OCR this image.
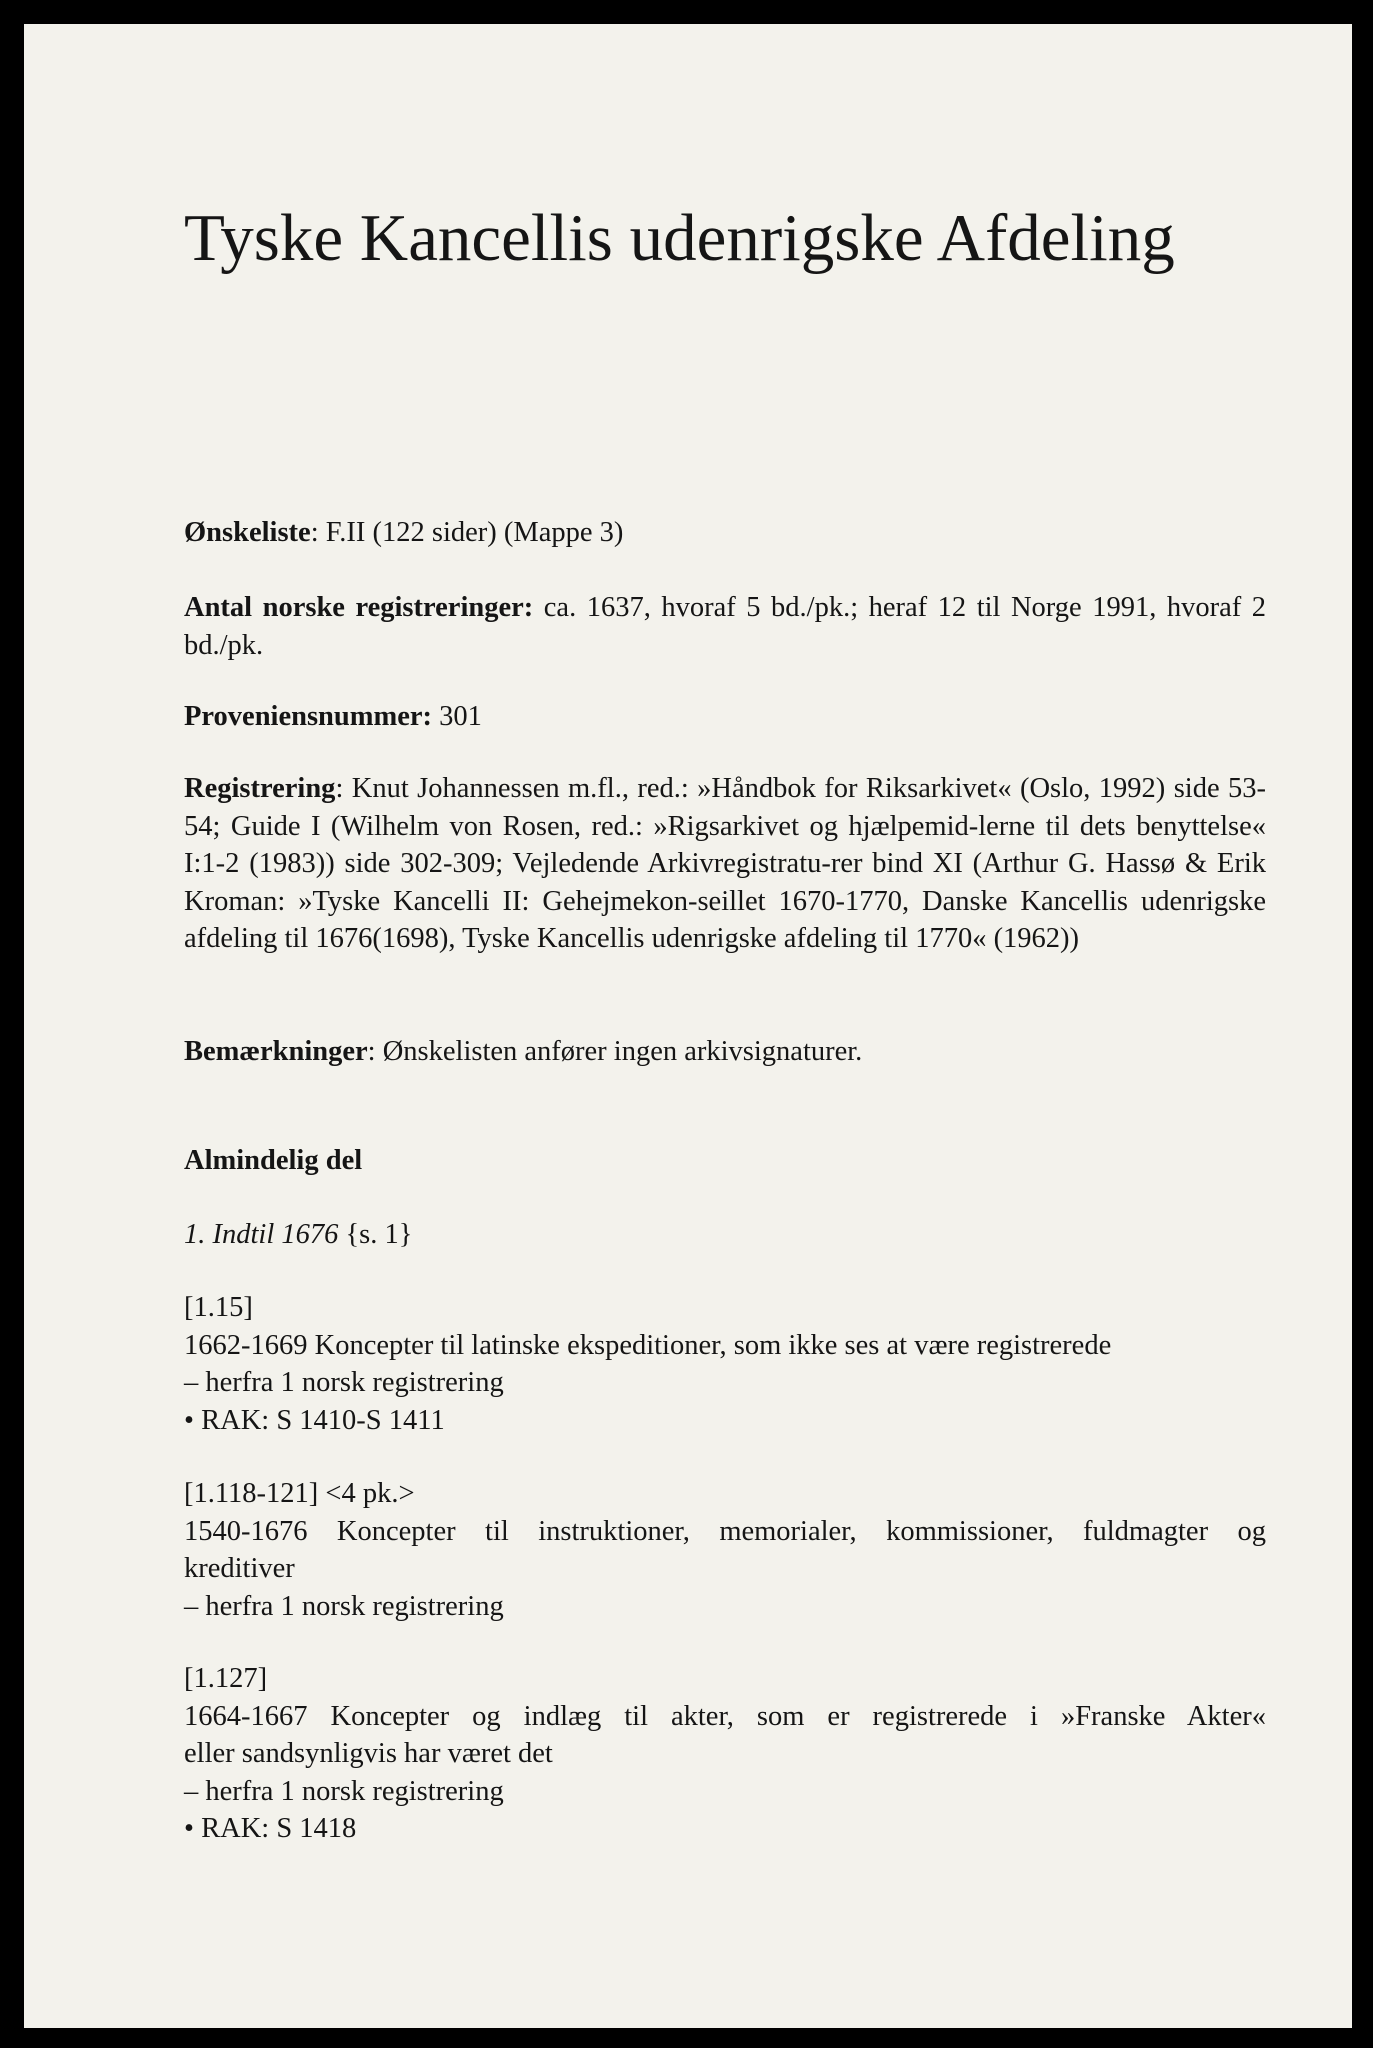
Tyske Kancellis udenrigske Afdeling

Ønskeliste: F.II (122 sider) (Mappe 3)

Antal norske registreringer: ca. 1637, hvoraf 5 bd./pk.; heraf 12 til Norge 1991, hvoraf 2 bd./pk.

Proveniensnummer: 301

Registrering: Knut Johannessen m.fl., red.: »Håndbok for Riksarkivet« (Oslo, 1992) side 53-54; Guide I (Wilhelm von Rosen, red.: »Rigsarkivet og hjælpemid-lerne til dets benyttelse« I:1-2 (1983)) side 302-309; Vejledende Arkivregistratu-rer bind XI (Arthur G. Hassø & Erik Kroman: »Tyske Kancelli II: Gehejmekon-seillet 1670-1770, Danske Kancellis udenrigske afdeling til 1676(1698), Tyske Kancellis udenrigske afdeling til 1770« (1962))

Bemærkninger: Ønskelisten anfører ingen arkivsignaturer.

Almindelig del

1. Indtil 1676 {s. 1}

[1.15]
1662-1669 Koncepter til latinske ekspeditioner, som ikke ses at være registrerede
– herfra 1 norsk registrering
• RAK: S 1410-S 1411
[1.118-121] <4 pk.>
1540-1676 Koncepter til instruktioner, memorialer, kommissioner, fuldmagter og
kreditiver
– herfra 1 norsk registrering
[1.127]
1664-1667 Koncepter og indlæg til akter, som er registrerede i »Franske Akter«
eller sandsynligvis har været det
– herfra 1 norsk registrering
• RAK: S 1418
